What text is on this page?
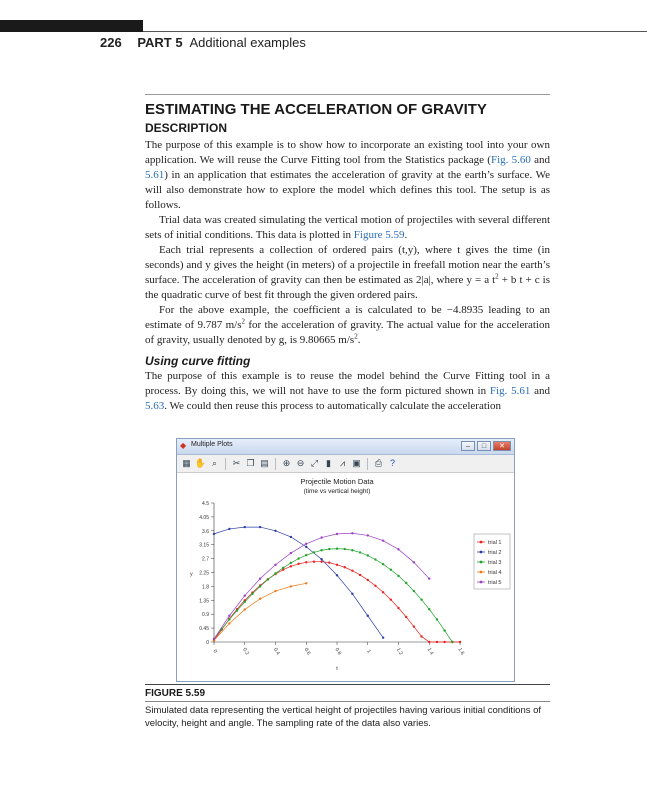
226 PART 5 Additional examples
ESTIMATING THE ACCELERATION OF GRAVITY
DESCRIPTION

The purpose of this example is to show how to incorporate an existing tool into your own application. We will reuse the Curve Fitting tool from the Statistics package (Fig. 5.60 and 5.61) in an application that estimates the acceleration of gravity at the earth’s surface. We will also demonstrate how to explore the model which defines this tool. The setup is as follows.

Trial data was created simulating the vertical motion of projectiles with several different sets of initial conditions. This data is plotted in Figure 5.59.

Each trial represents a collection of ordered pairs (t,y), where t gives the time (in seconds) and y gives the height (in meters) of a projectile in freefall motion near the earth’s surface. The acceleration of gravity can then be estimated as 2|a|, where y = a $t^2 + b$ t + c is the quadratic curve of best fit through the given ordered pairs.

For the above example, the coefficient a is calculated to be −4.8935 leading to an estimate of 9.787 $m/s^2$ for the acceleration of gravity. The actual value for the acceleration of gravity, usually denoted by g, is 9.80665 $m/s^2$.

Using curve fitting

The purpose of this example is to reuse the model behind the Curve Fitting tool in a process. By doing this, we will not have to use the form pictured shown in Fig. 5.61 and 5.63. We could then reuse this process to automatically calculate the acceleration

◆ Multiple Plots	–	□	✕
▦ ✋ ⌕	✂ ❐ ▤	⊕ ⊖ ⤢ ▮ ⩘ ▣	⎙ ?
Projectile Motion Data
(time vs vertical height)
0
0.45
0.9
1.35
1.8
2.25
2.7
3.15
3.6
4.05
4.5
0	0.2	0.4	0.6	0.8	1	1.2	1.4	1.6
y
t
trial 1
trial 2
trial 3
trial 4
trial 5
FIGURE 5.59
Simulated data representing the vertical height of projectiles having various initial conditions of velocity, height and angle. The sampling rate of the data also varies.
